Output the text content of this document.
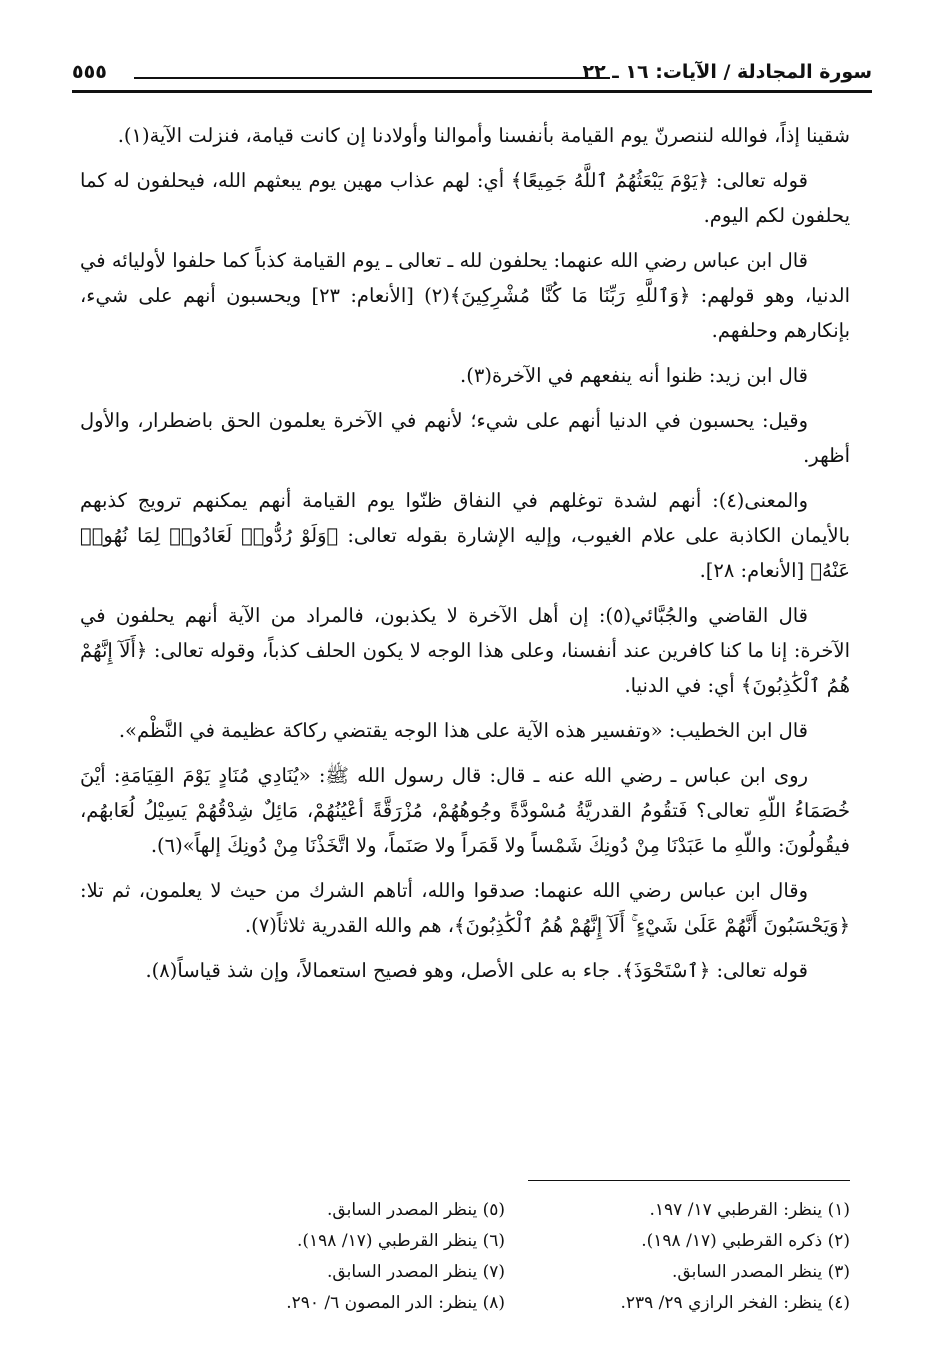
سورة المجادلة / الآيات: ١٦ ـ ٢٢
٥٥٥

شقينا إذاً، فوالله لننصرنّ يوم القيامة بأنفسنا وأموالنا وأولادنا إن كانت قيامة، فنزلت الآية(١).

قوله تعالى: ﴿يَوْمَ يَبْعَثُهُمُ ٱللَّهُ جَمِيعًا﴾ أي: لهم عذاب مهين يوم يبعثهم الله، فيحلفون له كما يحلفون لكم اليوم.

قال ابن عباس رضي الله عنهما: يحلفون لله ـ تعالى ـ يوم القيامة كذباً كما حلفوا لأوليائه في الدنيا، وهو قولهم: ﴿وَٱللَّهِ رَبِّنَا مَا كُنَّا مُشْرِكِينَ﴾(٢) [الأنعام: ٢٣] ويحسبون أنهم على شيء، بإنكارهم وحلفهم.

قال ابن زيد: ظنوا أنه ينفعهم في الآخرة(٣).

وقيل: يحسبون في الدنيا أنهم على شيء؛ لأنهم في الآخرة يعلمون الحق باضطرار، والأول أظهر.

والمعنى(٤): أنهم لشدة توغلهم في النفاق ظنّوا يوم القيامة أنهم يمكنهم ترويج كذبهم بالأيمان الكاذبة على علام الغيوب، وإليه الإشارة بقوله تعالى: ﴿وَلَوْ رُدُّوا۟ لَعَادُوا۟ لِمَا نُهُوا۟ عَنْهُ﴾ [الأنعام: ٢٨].

قال القاضي والجُبَّائي(٥): إن أهل الآخرة لا يكذبون، فالمراد من الآية أنهم يحلفون في الآخرة: إنا ما كنا كافرين عند أنفسنا، وعلى هذا الوجه لا يكون الحلف كذباً، وقوله تعالى: ﴿أَلَآ إِنَّهُمْ هُمُ ٱلْكَٰذِبُونَ﴾ أي: في الدنيا.

قال ابن الخطيب: «وتفسير هذه الآية على هذا الوجه يقتضي ركاكة عظيمة في النَّظْم».

روى ابن عباس ـ رضي الله عنه ـ قال: قال رسول الله ﷺ: «يُنَادِي مُنَادٍ يَوْمَ القِيَامَةِ: أيْنَ خُصَمَاءُ اللّهِ تعالى؟ فَتقُومُ القدريَّةُ مُسْودَّةً وجُوهُهُمْ، مُزْرَقَّةً أعْيُنُهُمْ، مَائِلٌ شِدْقُهُمْ يَسِيْلُ لُعَابهُم، فيقُولُونَ: واللّهِ ما عَبَدْنَا مِنْ دُونِكَ شَمْساً ولا قَمَراً ولا صَنَماً، ولا اتَّخَذْنَا مِنْ دُونِكَ إلهاً»(٦).

وقال ابن عباس رضي الله عنهما: صدقوا والله، أتاهم الشرك من حيث لا يعلمون، ثم تلا: ﴿وَيَحْسَبُونَ أَنَّهُمْ عَلَىٰ شَيْءٍ ۚ أَلَآ إِنَّهُمْ هُمُ ٱلْكَٰذِبُونَ﴾، هم والله القدرية ثلاثاً(٧).

قوله تعالى: ﴿ٱسْتَحْوَذَ﴾. جاء به على الأصل، وهو فصيح استعمالاً، وإن شذ قياساً(٨).

(١) ينظر: القرطبي ١٧/ ١٩٧.
(٢) ذكره القرطبي (١٧/ ١٩٨).
(٣) ينظر المصدر السابق.
(٤) ينظر: الفخر الرازي ٢٩/ ٢٣٩.
(٥) ينظر المصدر السابق.
(٦) ينظر القرطبي (١٧/ ١٩٨).
(٧) ينظر المصدر السابق.
(٨) ينظر: الدر المصون ٦/ ٢٩٠.
